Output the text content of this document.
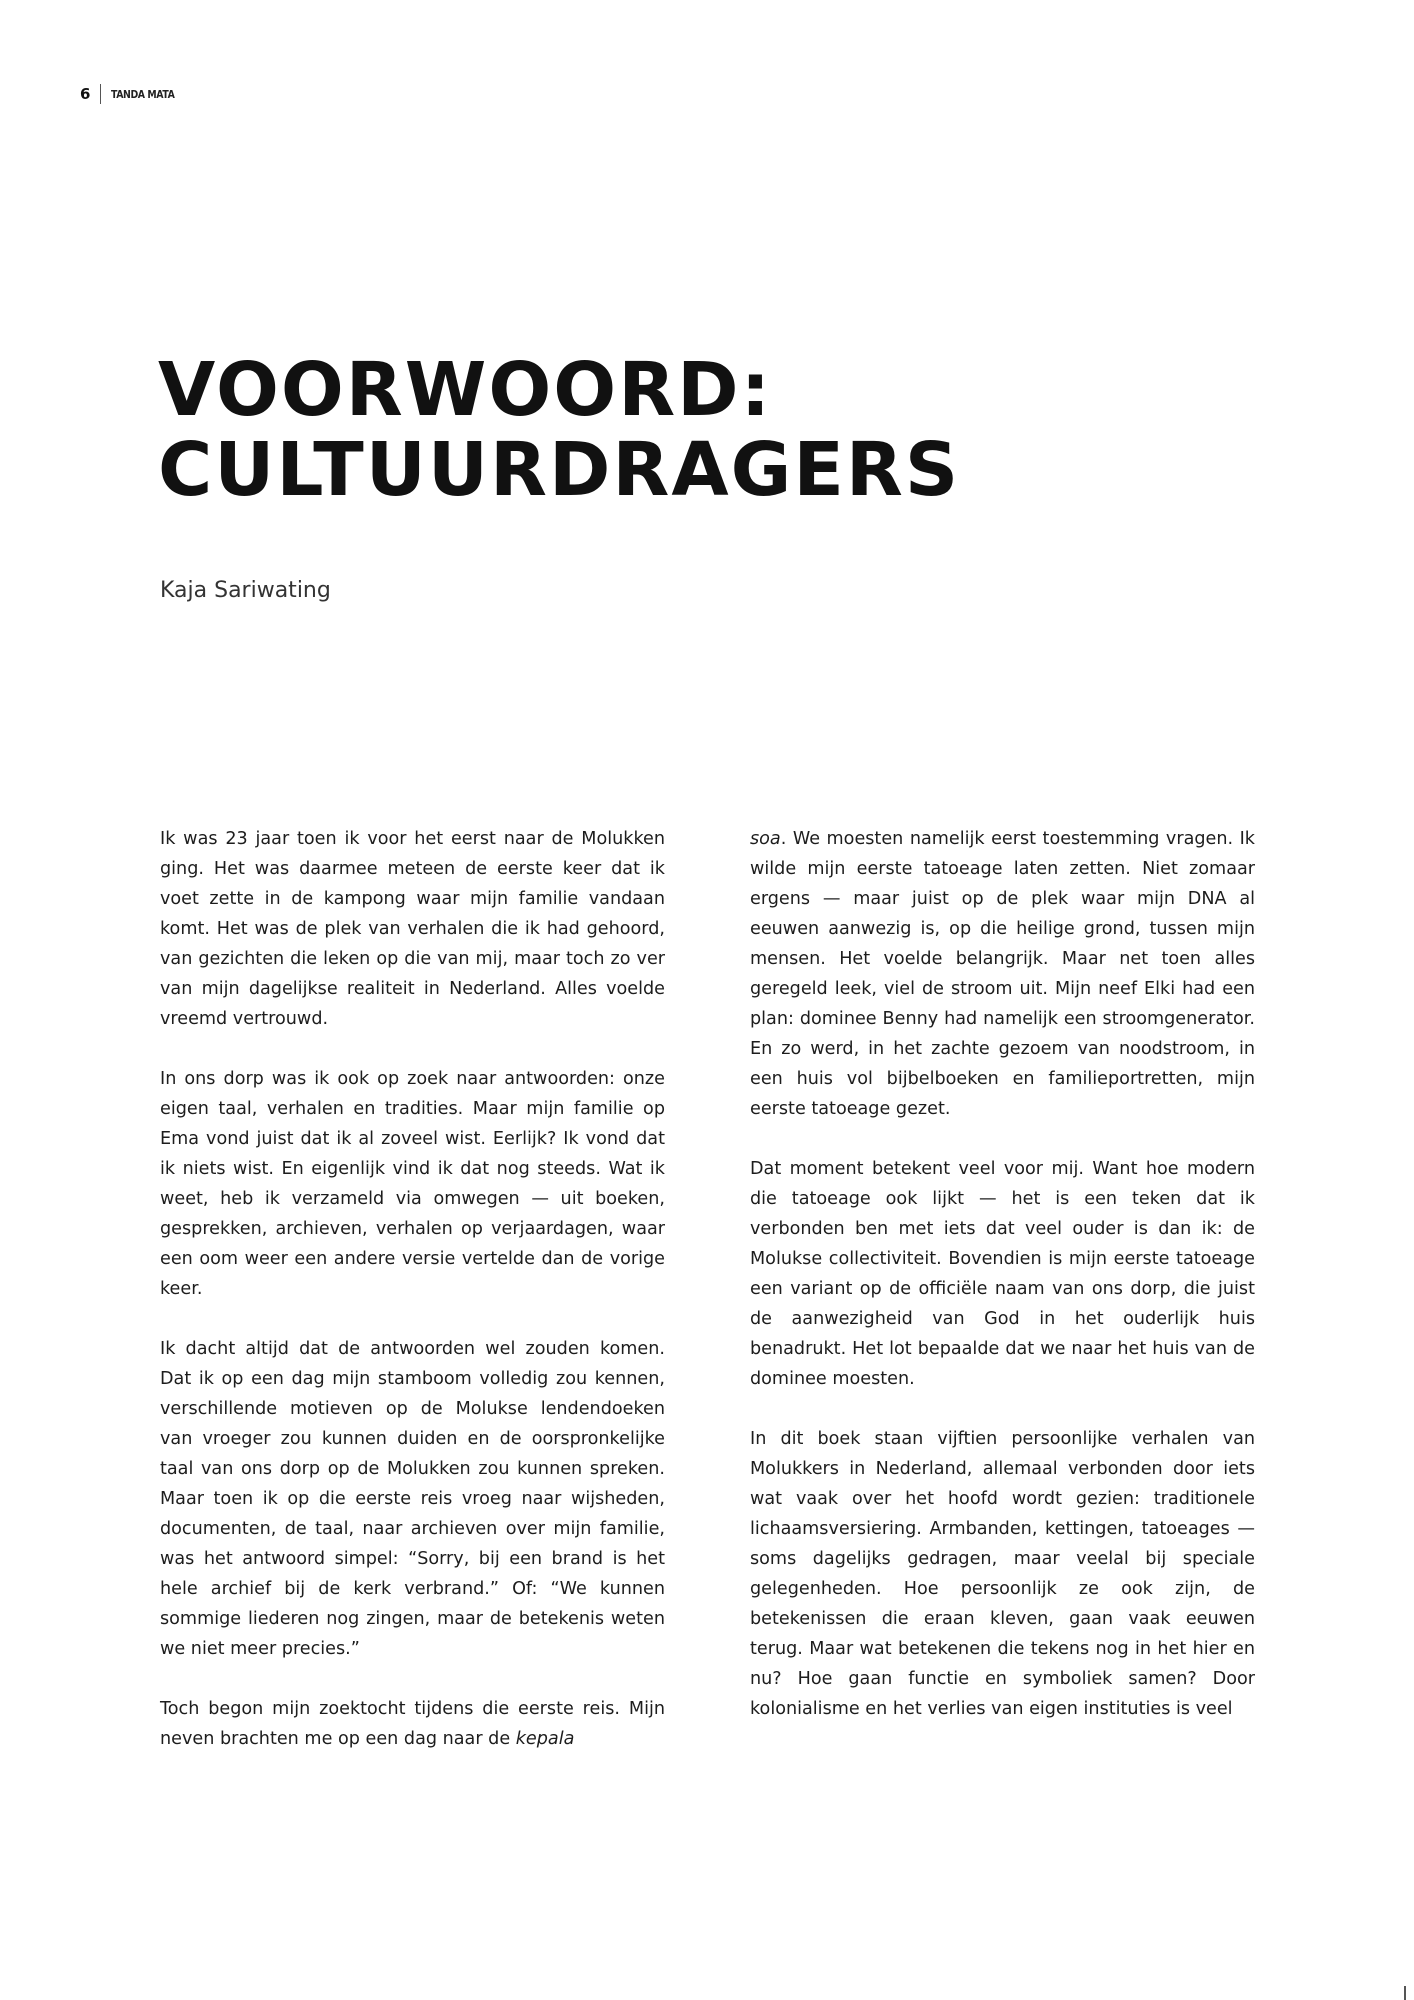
6 TANDA MATA
VOORWOORD:
CULTUURDRAGERS
Kaja Sariwating

Ik was 23 jaar toen ik voor het eerst naar de Molukken ging. Het was daarmee meteen de eerste keer dat ik voet zette in de kampong waar mijn familie vandaan komt. Het was de plek van verhalen die ik had gehoord, van gezichten die leken op die van mij, maar toch zo ver van mijn dagelijkse realiteit in Nederland. Alles voelde vreemd vertrouwd.

In ons dorp was ik ook op zoek naar antwoorden: onze eigen taal, verhalen en tradities. Maar mijn familie op Ema vond juist dat ik al zoveel wist. Eerlijk? Ik vond dat ik niets wist. En eigenlijk vind ik dat nog steeds. Wat ik weet, heb ik verzameld via omwegen — uit boeken, gesprekken, archieven, verhalen op verjaardagen, waar een oom weer een andere versie vertelde dan de vorige keer.

Ik dacht altijd dat de antwoorden wel zouden komen. Dat ik op een dag mijn stamboom volledig zou kennen, verschillende motieven op de Molukse lendendoeken van vroeger zou kunnen duiden en de oorspronkelijke taal van ons dorp op de Molukken zou kunnen spreken. Maar toen ik op die eerste reis vroeg naar wijsheden, documenten, de taal, naar archieven over mijn familie, was het antwoord simpel: “Sorry, bij een brand is het hele archief bij de kerk verbrand.” Of: “We kunnen sommige liederen nog zingen, maar de betekenis weten we niet meer precies.”

Toch begon mijn zoektocht tijdens die eerste reis. Mijn neven brachten me op een dag naar de kepala

soa. We moesten namelijk eerst toestemming vragen. Ik wilde mijn eerste tatoeage laten zetten. Niet zomaar ergens — maar juist op de plek waar mijn DNA al eeuwen aanwezig is, op die heilige grond, tussen mijn mensen. Het voelde belangrijk. Maar net toen alles geregeld leek, viel de stroom uit. Mijn neef Elki had een plan: dominee Benny had namelijk een stroomgenerator. En zo werd, in het zachte gezoem van noodstroom, in een huis vol bijbelboeken en familieportretten, mijn eerste tatoeage gezet.

Dat moment betekent veel voor mij. Want hoe modern die tatoeage ook lijkt — het is een teken dat ik verbonden ben met iets dat veel ouder is dan ik: de Molukse collectiviteit. Bovendien is mijn eerste tatoeage een variant op de officiële naam van ons dorp, die juist de aanwezigheid van God in het ouderlijk huis benadrukt. Het lot bepaalde dat we naar het huis van de dominee moesten.

In dit boek staan vijftien persoonlijke verhalen van Molukkers in Nederland, allemaal verbonden door iets wat vaak over het hoofd wordt gezien: traditionele lichaamsversiering. Armbanden, kettingen, tatoeages — soms dagelijks gedragen, maar veelal bij speciale gelegenheden. Hoe persoonlijk ze ook zijn, de betekenissen die eraan kleven, gaan vaak eeuwen terug. Maar wat betekenen die tekens nog in het hier en nu? Hoe gaan functie en symboliek samen? Door kolonialisme en het verlies van eigen instituties is veel
